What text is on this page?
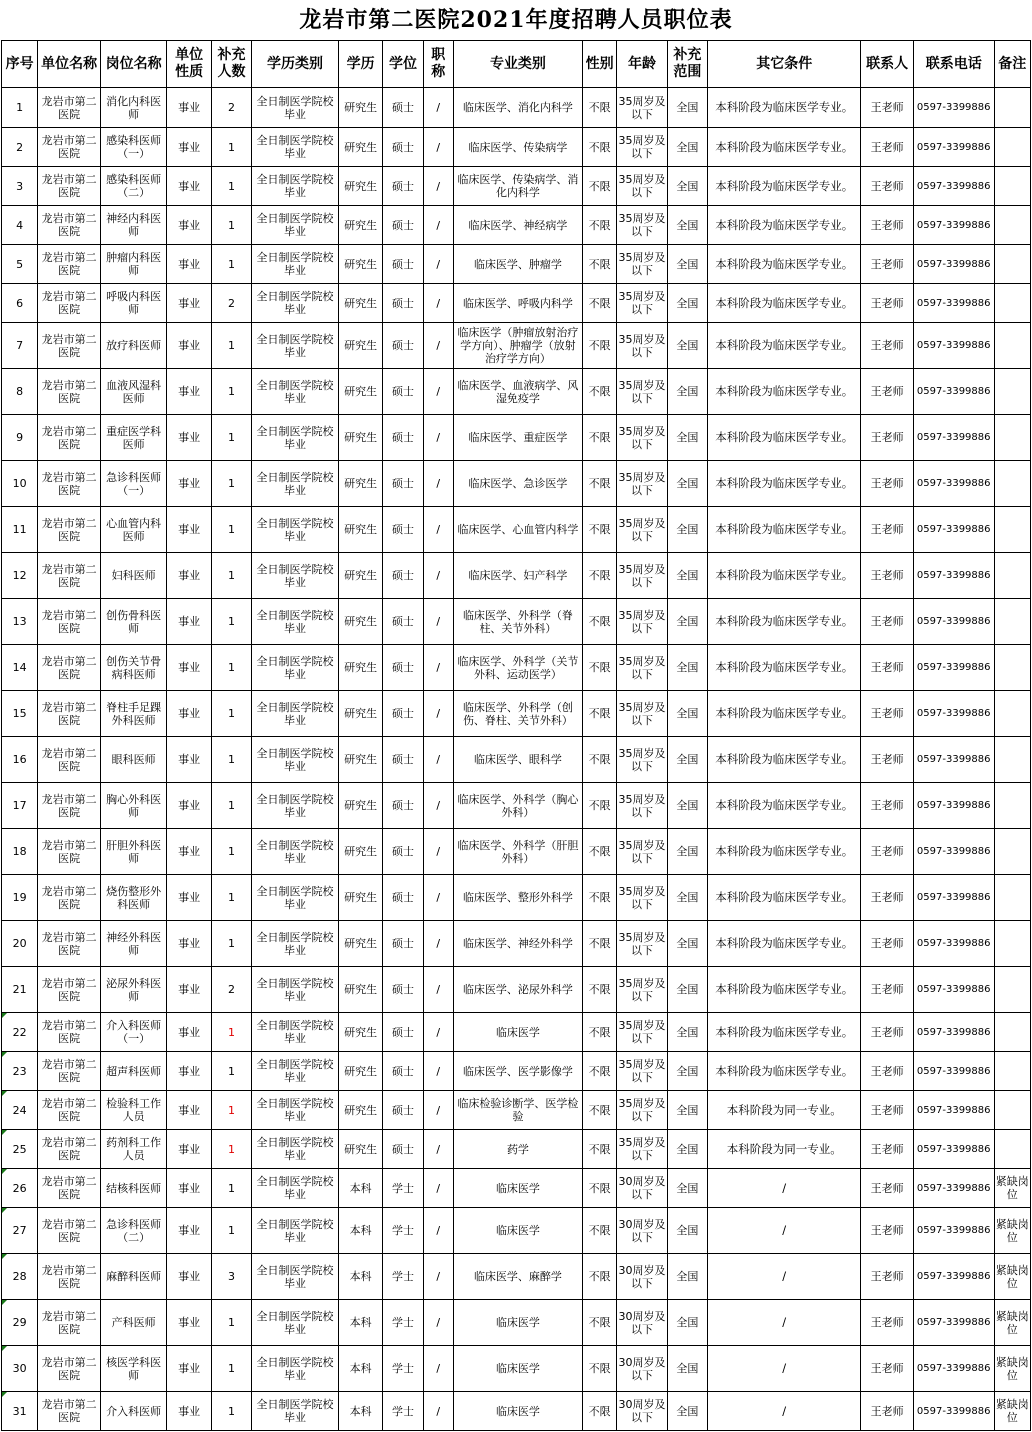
龙岩市第二医院2021年度招聘人员职位表
序号	单位名称	岗位名称	单位性质	补充人数	学历类别	学历	学位	职称	专业类别	性别	年龄	补充范围	其它条件	联系人	联系电话	备注
1	龙岩市第二医院	消化内科医师	事业	2	全日制医学院校毕业	研究生	硕士	/	临床医学、消化内科学	不限	35周岁及以下	全国	本科阶段为临床医学专业。	王老师	0597-3399886	
2	龙岩市第二医院	感染科医师（一）	事业	1	全日制医学院校毕业	研究生	硕士	/	临床医学、传染病学	不限	35周岁及以下	全国	本科阶段为临床医学专业。	王老师	0597-3399886	
3	龙岩市第二医院	感染科医师（二）	事业	1	全日制医学院校毕业	研究生	硕士	/	临床医学、传染病学、消化内科学	不限	35周岁及以下	全国	本科阶段为临床医学专业。	王老师	0597-3399886	
4	龙岩市第二医院	神经内科医师	事业	1	全日制医学院校毕业	研究生	硕士	/	临床医学、神经病学	不限	35周岁及以下	全国	本科阶段为临床医学专业。	王老师	0597-3399886	
5	龙岩市第二医院	肿瘤内科医师	事业	1	全日制医学院校毕业	研究生	硕士	/	临床医学、肿瘤学	不限	35周岁及以下	全国	本科阶段为临床医学专业。	王老师	0597-3399886	
6	龙岩市第二医院	呼吸内科医师	事业	2	全日制医学院校毕业	研究生	硕士	/	临床医学、呼吸内科学	不限	35周岁及以下	全国	本科阶段为临床医学专业。	王老师	0597-3399886	
7	龙岩市第二医院	放疗科医师	事业	1	全日制医学院校毕业	研究生	硕士	/	临床医学（肿瘤放射治疗学方向）、肿瘤学（放射治疗学方向）	不限	35周岁及以下	全国	本科阶段为临床医学专业。	王老师	0597-3399886	
8	龙岩市第二医院	血液风湿科医师	事业	1	全日制医学院校毕业	研究生	硕士	/	临床医学、血液病学、风湿免疫学	不限	35周岁及以下	全国	本科阶段为临床医学专业。	王老师	0597-3399886	
9	龙岩市第二医院	重症医学科医师	事业	1	全日制医学院校毕业	研究生	硕士	/	临床医学、重症医学	不限	35周岁及以下	全国	本科阶段为临床医学专业。	王老师	0597-3399886	
10	龙岩市第二医院	急诊科医师（一）	事业	1	全日制医学院校毕业	研究生	硕士	/	临床医学、急诊医学	不限	35周岁及以下	全国	本科阶段为临床医学专业。	王老师	0597-3399886	
11	龙岩市第二医院	心血管内科医师	事业	1	全日制医学院校毕业	研究生	硕士	/	临床医学、心血管内科学	不限	35周岁及以下	全国	本科阶段为临床医学专业。	王老师	0597-3399886	
12	龙岩市第二医院	妇科医师	事业	1	全日制医学院校毕业	研究生	硕士	/	临床医学、妇产科学	不限	35周岁及以下	全国	本科阶段为临床医学专业。	王老师	0597-3399886	
13	龙岩市第二医院	创伤骨科医师	事业	1	全日制医学院校毕业	研究生	硕士	/	临床医学、外科学（脊柱、关节外科）	不限	35周岁及以下	全国	本科阶段为临床医学专业。	王老师	0597-3399886	
14	龙岩市第二医院	创伤关节骨病科医师	事业	1	全日制医学院校毕业	研究生	硕士	/	临床医学、外科学（关节外科、运动医学）	不限	35周岁及以下	全国	本科阶段为临床医学专业。	王老师	0597-3399886	
15	龙岩市第二医院	脊柱手足踝外科医师	事业	1	全日制医学院校毕业	研究生	硕士	/	临床医学、外科学（创伤、脊柱、关节外科）	不限	35周岁及以下	全国	本科阶段为临床医学专业。	王老师	0597-3399886	
16	龙岩市第二医院	眼科医师	事业	1	全日制医学院校毕业	研究生	硕士	/	临床医学、眼科学	不限	35周岁及以下	全国	本科阶段为临床医学专业。	王老师	0597-3399886	
17	龙岩市第二医院	胸心外科医师	事业	1	全日制医学院校毕业	研究生	硕士	/	临床医学、外科学（胸心外科）	不限	35周岁及以下	全国	本科阶段为临床医学专业。	王老师	0597-3399886	
18	龙岩市第二医院	肝胆外科医师	事业	1	全日制医学院校毕业	研究生	硕士	/	临床医学、外科学（肝胆外科）	不限	35周岁及以下	全国	本科阶段为临床医学专业。	王老师	0597-3399886	
19	龙岩市第二医院	烧伤整形外科医师	事业	1	全日制医学院校毕业	研究生	硕士	/	临床医学、整形外科学	不限	35周岁及以下	全国	本科阶段为临床医学专业。	王老师	0597-3399886	
20	龙岩市第二医院	神经外科医师	事业	1	全日制医学院校毕业	研究生	硕士	/	临床医学、神经外科学	不限	35周岁及以下	全国	本科阶段为临床医学专业。	王老师	0597-3399886	
21	龙岩市第二医院	泌尿外科医师	事业	2	全日制医学院校毕业	研究生	硕士	/	临床医学、泌尿外科学	不限	35周岁及以下	全国	本科阶段为临床医学专业。	王老师	0597-3399886	

22	龙岩市第二医院	介入科医师（一）	事业	1	全日制医学院校毕业	研究生	硕士	/	临床医学	不限	35周岁及以下	全国	本科阶段为临床医学专业。	王老师	0597-3399886	

23	龙岩市第二医院	超声科医师	事业	1	全日制医学院校毕业	研究生	硕士	/	临床医学、医学影像学	不限	35周岁及以下	全国	本科阶段为临床医学专业。	王老师	0597-3399886	

24	龙岩市第二医院	检验科工作人员	事业	1	全日制医学院校毕业	研究生	硕士	/	临床检验诊断学、医学检验	不限	35周岁及以下	全国	本科阶段为同一专业。	王老师	0597-3399886	

25	龙岩市第二医院	药剂科工作人员	事业	1	全日制医学院校毕业	研究生	硕士	/	药学	不限	35周岁及以下	全国	本科阶段为同一专业。	王老师	0597-3399886	

26	龙岩市第二医院	结核科医师	事业	1	全日制医学院校毕业	本科	学士	/	临床医学	不限	30周岁及以下	全国	/	王老师	0597-3399886	紧缺岗位

27	龙岩市第二医院	急诊科医师（二）	事业	1	全日制医学院校毕业	本科	学士	/	临床医学	不限	30周岁及以下	全国	/	王老师	0597-3399886	紧缺岗位

28	龙岩市第二医院	麻醉科医师	事业	3	全日制医学院校毕业	本科	学士	/	临床医学、麻醉学	不限	30周岁及以下	全国	/	王老师	0597-3399886	紧缺岗位

29	龙岩市第二医院	产科医师	事业	1	全日制医学院校毕业	本科	学士	/	临床医学	不限	30周岁及以下	全国	/	王老师	0597-3399886	紧缺岗位

30	龙岩市第二医院	核医学科医师	事业	1	全日制医学院校毕业	本科	学士	/	临床医学	不限	30周岁及以下	全国	/	王老师	0597-3399886	紧缺岗位

31	龙岩市第二医院	介入科医师	事业	1	全日制医学院校毕业	本科	学士	/	临床医学	不限	30周岁及以下	全国	/	王老师	0597-3399886	紧缺岗位
